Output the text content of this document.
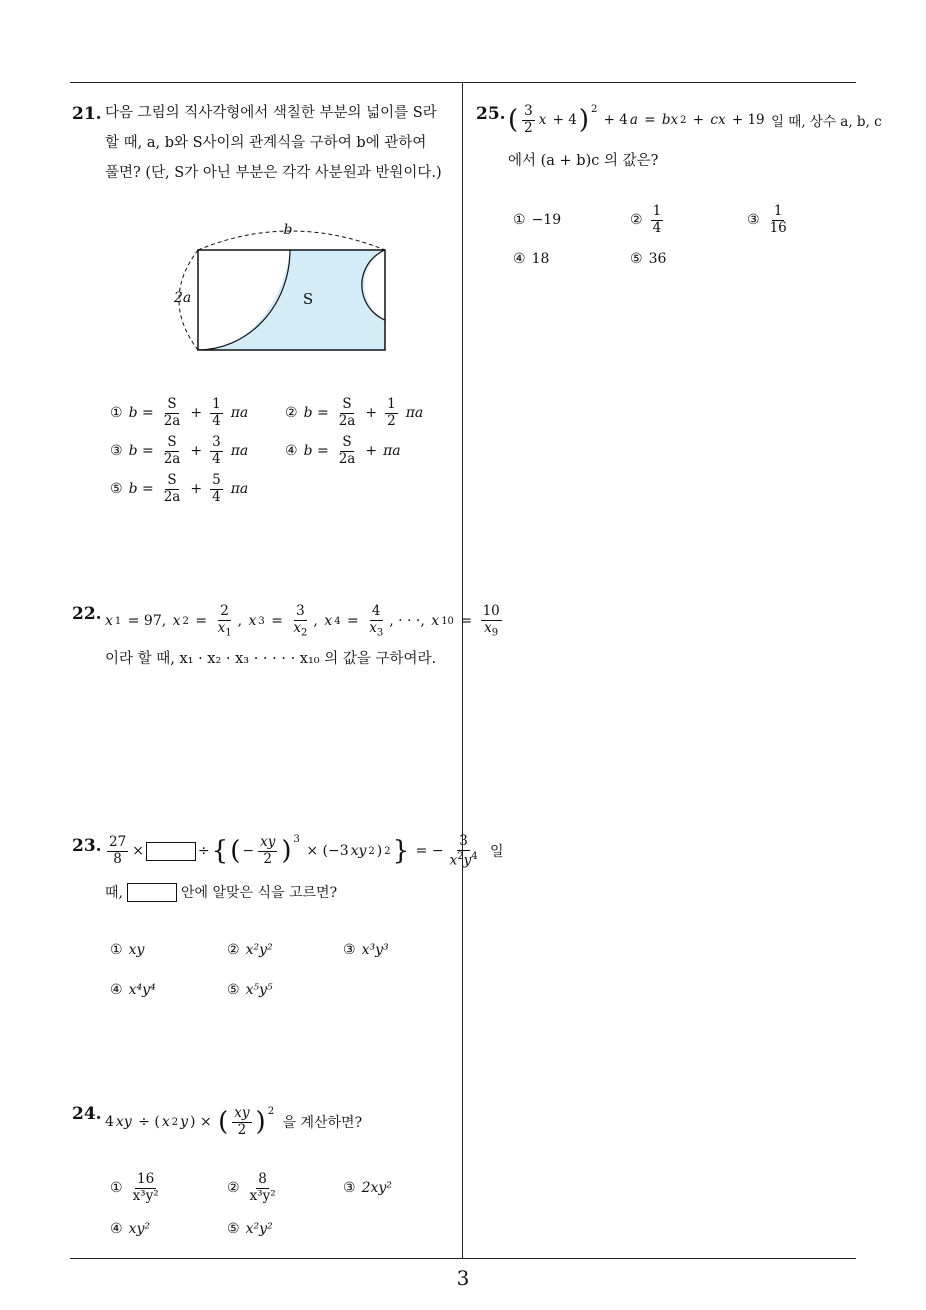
3
21. 다음 그림의 직사각형에서 색칠한 부분의 넓이를 S라
할 때, a, b와 S사이의 관계식을 구하여 b에 관하여
풀면? (단, S가 아닌 부분은 각각 사분원과 반원이다.)
b
2a	S
① $b = \frac{S}{2a} + \frac{1}{4}$ πa	② $b = \frac{S}{2a} + \frac{1}{2}$ πa
③ $b = \frac{S}{2a} + \frac{3}{4}$ πa	④ $b = \frac{S}{2a} + \pi a$
⑤ $b = \frac{S}{2a} + \frac{5}{4}$ πa
22. x 1 = 97, x $2 = \frac{2}{x_1}$ , x $3 = \frac{3}{x_2}$ , x $4 = \frac{4}{x_3}$ , · · ·, x $10 = \frac{10}{x_9}$
이라 할 때, x₁ · x₂ · x₃ · · · · · x₁₀ 의 값을 구하여라.
23. $\frac{27}{8}$ ×	÷ { ( − $\frac{xy}{2} )^3$
× (−3 xy 2 ) 2 } = − $\frac{3}{x^2y^4}$
일
때,	안에 알맞은 식을 고르면?
① xy	② x²y²	③ x³y³
④ x⁴y⁴	⑤ x⁵y⁵
24. 4 xy ÷ ( x 2 y ) × ( $\frac{xy}{2} )^2$

을 계산하면?
① $\frac{16}{\text{x³y²}}$	② $\frac{8}{\text{x³y²}}$	③ 2xy²
④ xy²	⑤ x²y²
25. ( $\frac{3}{2}$ x + 4 )$^2$
+ 4 a = bx 2 + cx + 19 일 때, 상수 a, b, c
에서 (a + b)c 의 값은?
① −19	② $\frac{1}{4}$	③ $\frac{1}{16}$
④ 18	⑤ 36
